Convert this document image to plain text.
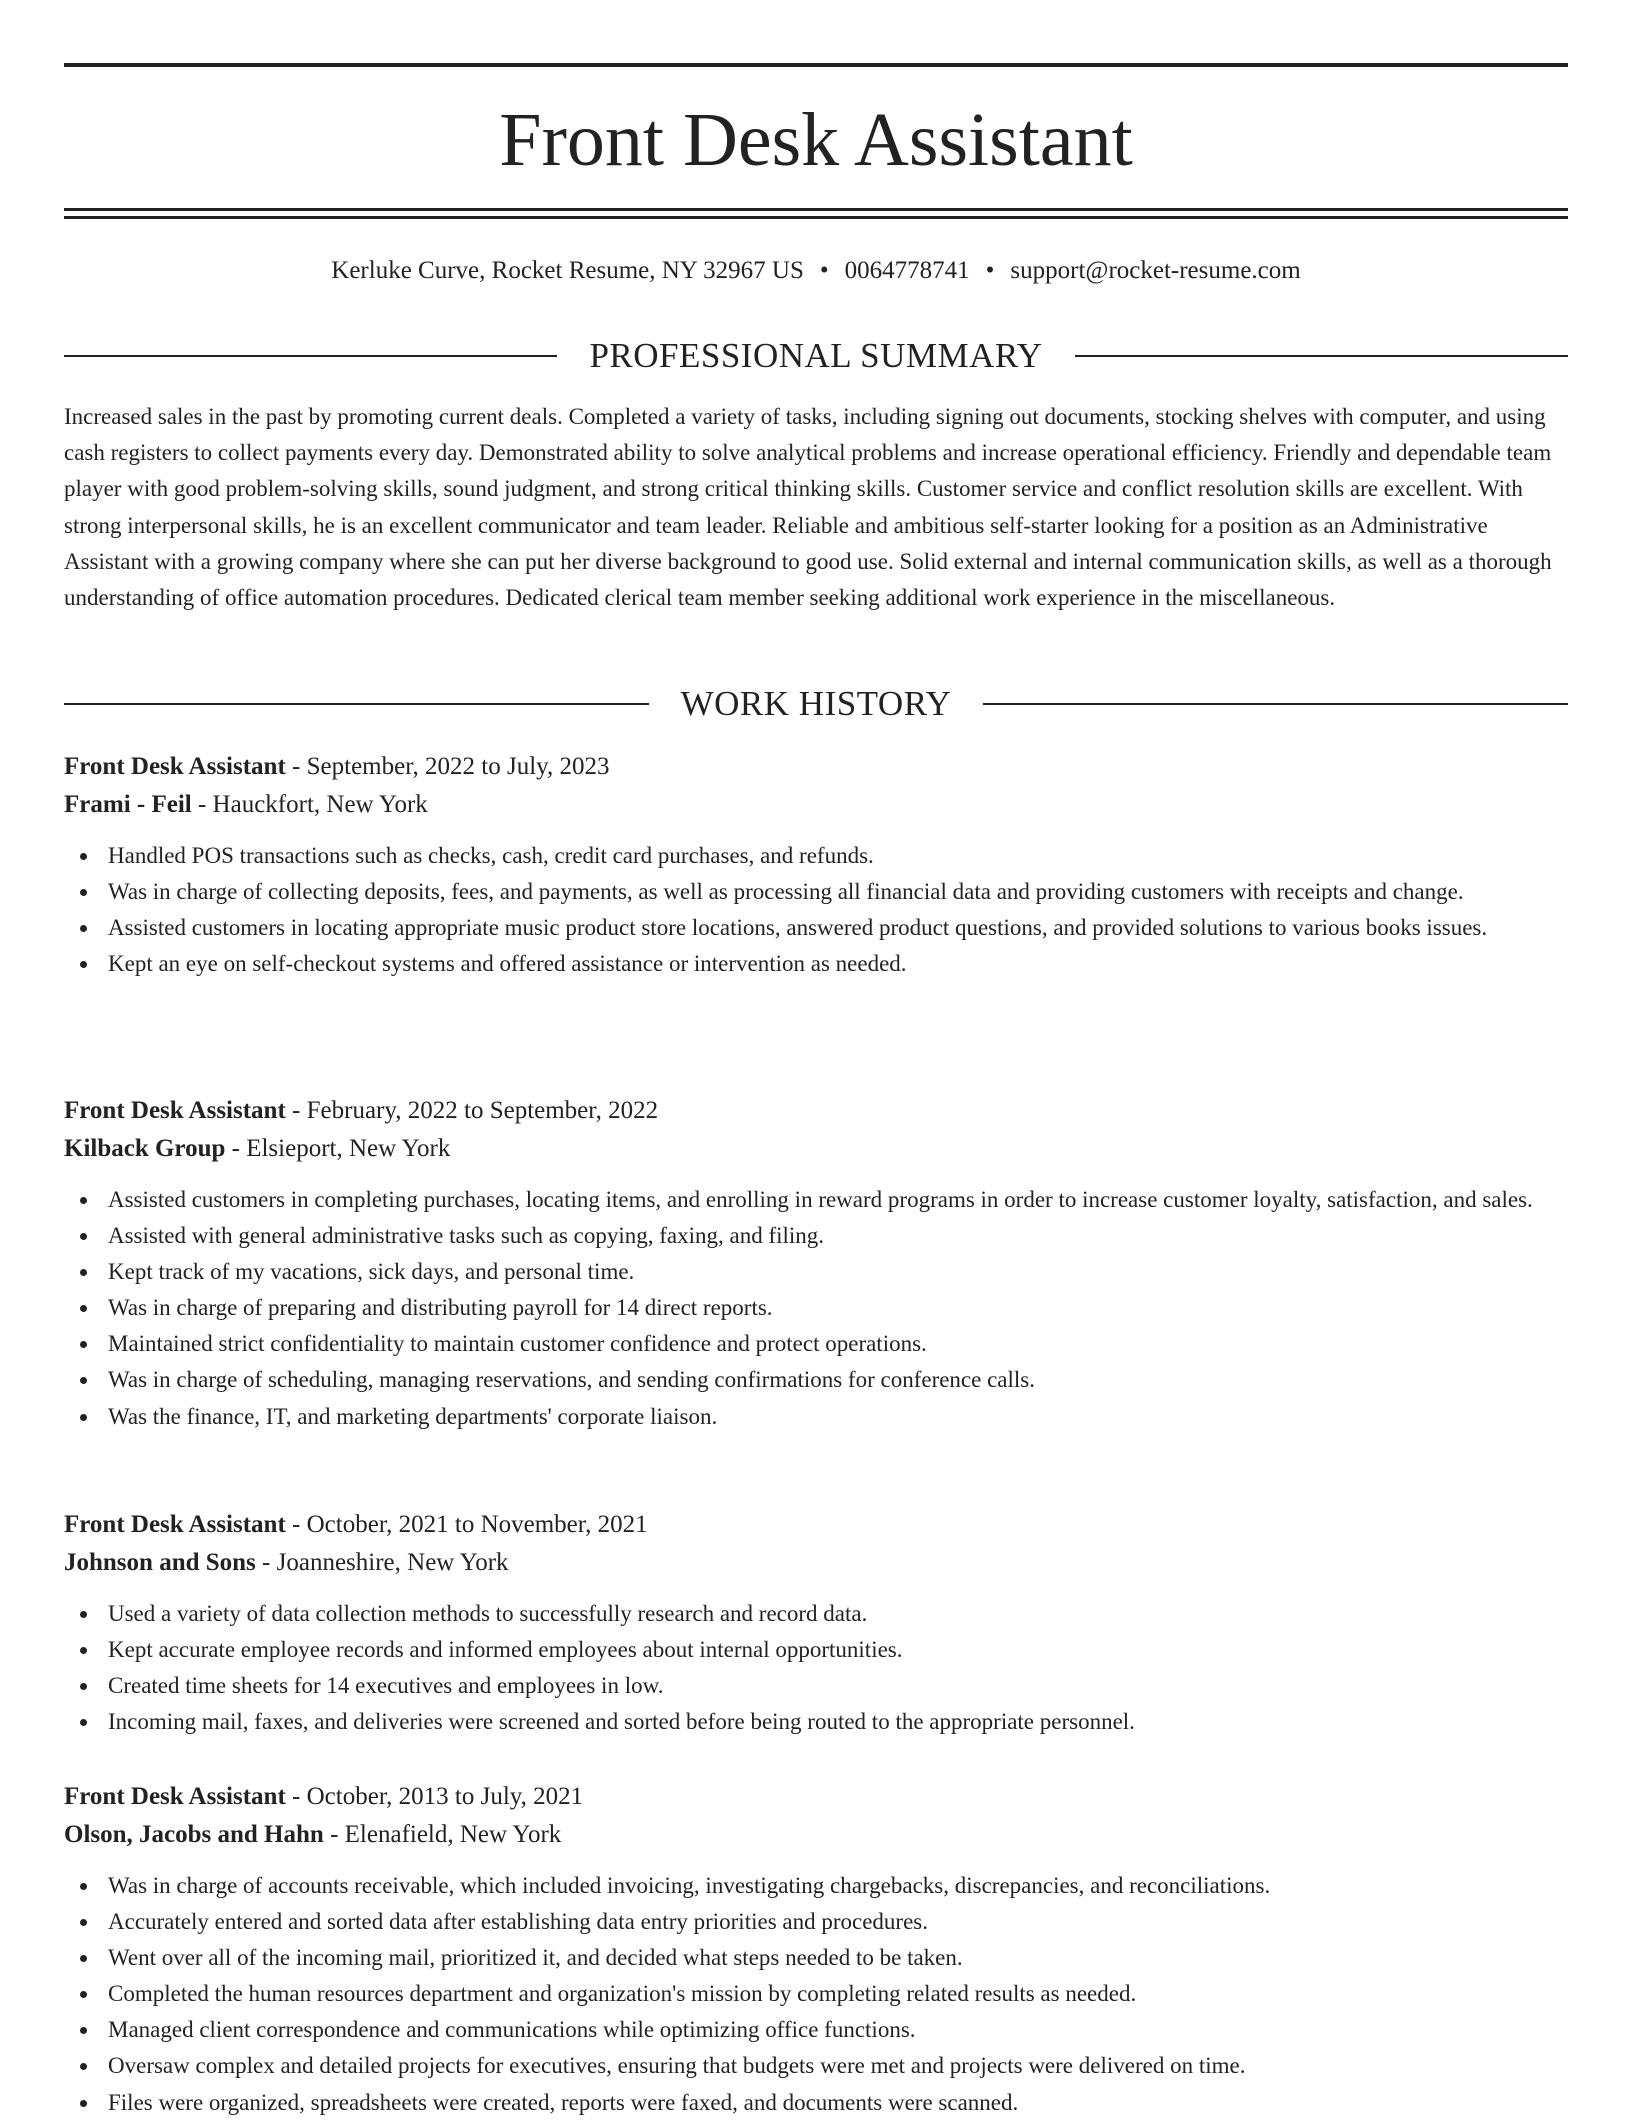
Front Desk Assistant
Kerluke Curve, Rocket Resume, NY 32967 US • 0064778741 • support@rocket-resume.com
PROFESSIONAL SUMMARY

Increased sales in the past by promoting current deals. Completed a variety of tasks, including signing out documents, stocking shelves with computer, and using cash registers to collect payments every day. Demonstrated ability to solve analytical problems and increase operational efficiency. Friendly and dependable team player with good problem-solving skills, sound judgment, and strong critical thinking skills. Customer service and conflict resolution skills are excellent. With strong interpersonal skills, he is an excellent communicator and team leader. Reliable and ambitious self-starter looking for a position as an Administrative Assistant with a growing company where she can put her diverse background to good use. Solid external and internal communication skills, as well as a thorough understanding of office automation procedures. Dedicated clerical team member seeking additional work experience in the miscellaneous.

WORK HISTORY
Front Desk Assistant - September, 2022 to July, 2023
Frami - Feil - Hauckfort, New York
Handled POS transactions such as checks, cash, credit card purchases, and refunds.
Was in charge of collecting deposits, fees, and payments, as well as processing all financial data and providing customers with receipts and change.
Assisted customers in locating appropriate music product store locations, answered product questions, and provided solutions to various books issues.
Kept an eye on self-checkout systems and offered assistance or intervention as needed.
Front Desk Assistant - February, 2022 to September, 2022
Kilback Group - Elsieport, New York
Assisted customers in completing purchases, locating items, and enrolling in reward programs in order to increase customer loyalty, satisfaction, and sales.
Assisted with general administrative tasks such as copying, faxing, and filing.
Kept track of my vacations, sick days, and personal time.
Was in charge of preparing and distributing payroll for 14 direct reports.
Maintained strict confidentiality to maintain customer confidence and protect operations.
Was in charge of scheduling, managing reservations, and sending confirmations for conference calls.
Was the finance, IT, and marketing departments' corporate liaison.
Front Desk Assistant - October, 2021 to November, 2021
Johnson and Sons - Joanneshire, New York
Used a variety of data collection methods to successfully research and record data.
Kept accurate employee records and informed employees about internal opportunities.
Created time sheets for 14 executives and employees in low.
Incoming mail, faxes, and deliveries were screened and sorted before being routed to the appropriate personnel.
Front Desk Assistant - October, 2013 to July, 2021
Olson, Jacobs and Hahn - Elenafield, New York
Was in charge of accounts receivable, which included invoicing, investigating chargebacks, discrepancies, and reconciliations.
Accurately entered and sorted data after establishing data entry priorities and procedures.
Went over all of the incoming mail, prioritized it, and decided what steps needed to be taken.
Completed the human resources department and organization's mission by completing related results as needed.
Managed client correspondence and communications while optimizing office functions.
Oversaw complex and detailed projects for executives, ensuring that budgets were met and projects were delivered on time.
Files were organized, spreadsheets were created, reports were faxed, and documents were scanned.
